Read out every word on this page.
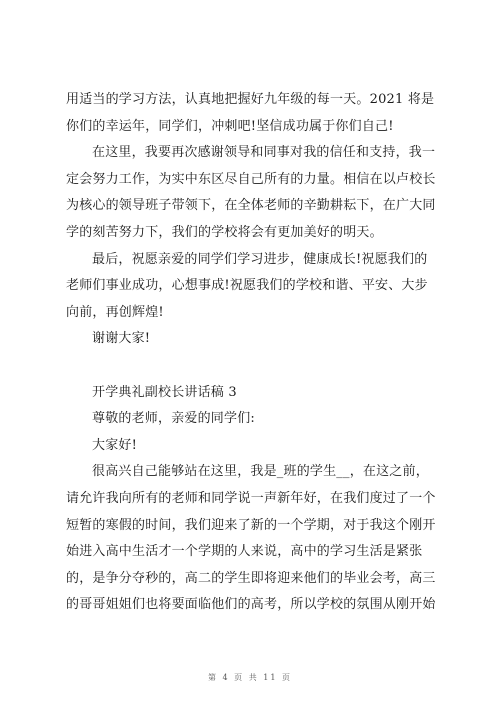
用适当的学习方法，认真地把握好九年级的每一天。2021 将是
你们的幸运年，同学们，冲刺吧!坚信成功属于你们自己!
在这里，我要再次感谢领导和同事对我的信任和支持，我一
定会努力工作，为实中东区尽自己所有的力量。相信在以卢校长
为核心的领导班子带领下，在全体老师的辛勤耕耘下，在广大同
学的刻苦努力下，我们的学校将会有更加美好的明天。
最后，祝愿亲爱的同学们学习进步，健康成长!祝愿我们的
老师们事业成功，心想事成!祝愿我们的学校和谐、平安、大步
向前，再创辉煌!
谢谢大家!
开学典礼副校长讲话稿 3
尊敬的老师，亲爱的同学们:
大家好!
很高兴自己能够站在这里，我是_班的学生__，在这之前，
请允许我向所有的老师和同学说一声新年好，在我们度过了一个
短暂的寒假的时间，我们迎来了新的一个学期，对于我这个刚开
始进入高中生活才一个学期的人来说，高中的学习生活是紧张
的，是争分夺秒的，高二的学生即将迎来他们的毕业会考，高三
的哥哥姐姐们也将要面临他们的高考，所以学校的氛围从刚开始
第 4 页 共 11 页
